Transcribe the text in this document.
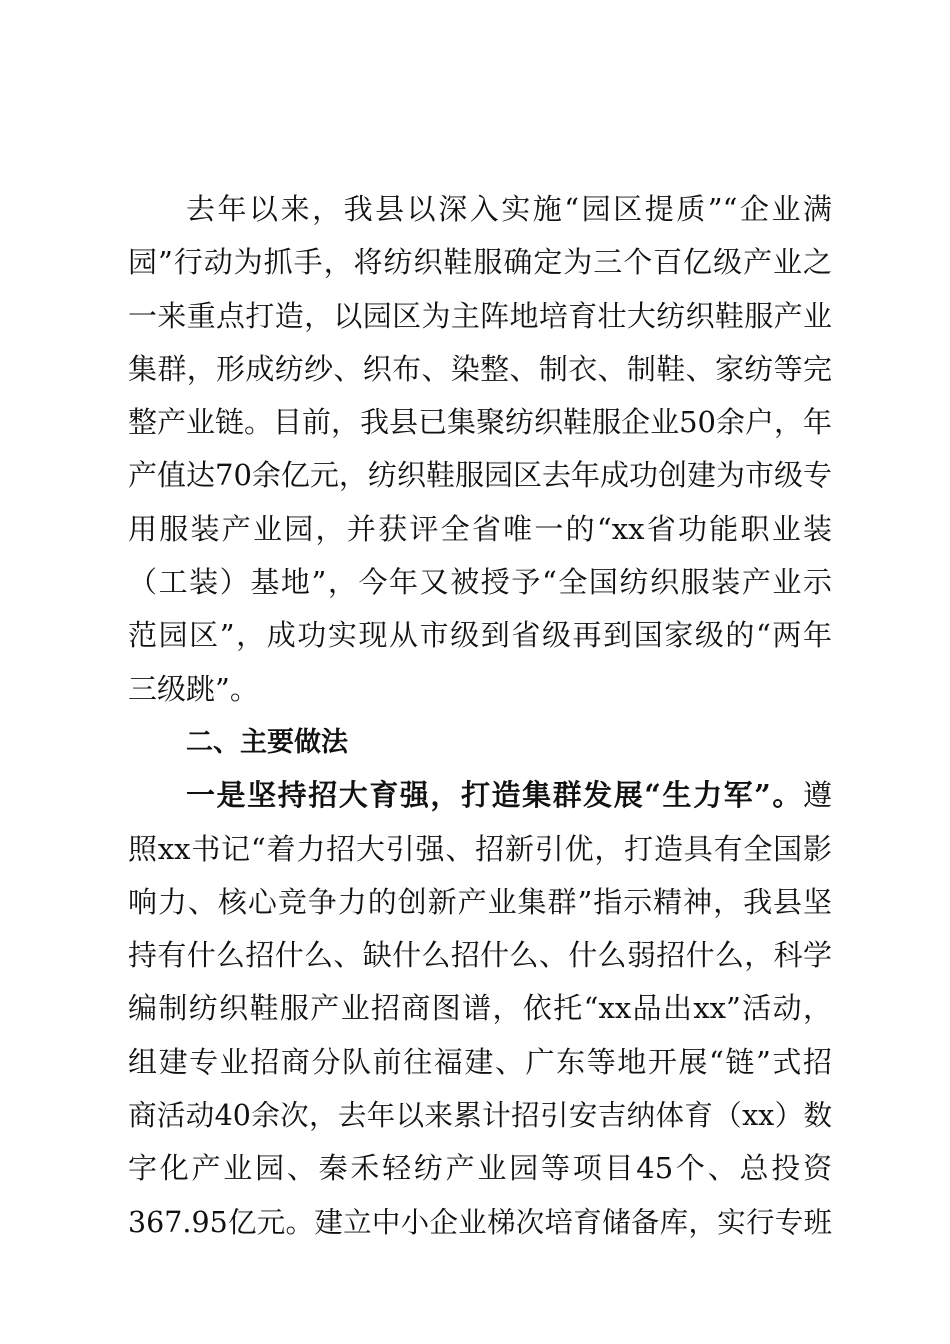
去年以来，我县以深入实施“园区提质”“企业满
园”行动为抓手，将纺织鞋服确定为三个百亿级产业之
一来重点打造，以园区为主阵地培育壮大纺织鞋服产业
集群，形成纺纱、织布、染整、制衣、制鞋、家纺等完
整产业链。目前，我县已集聚纺织鞋服企业50余户，年
产值达70余亿元，纺织鞋服园区去年成功创建为市级专
用服装产业园，并获评全省唯一的“xx省功能职业装
（工装）基地”，今年又被授予“全国纺织服装产业示
范园区”，成功实现从市级到省级再到国家级的“两年
三级跳”。
二、主要做法
一是坚持招大育强，打造集群发展“生力军”。遵
照xx书记“着力招大引强、招新引优，打造具有全国影
响力、核心竞争力的创新产业集群”指示精神，我县坚
持有什么招什么、缺什么招什么、什么弱招什么，科学
编制纺织鞋服产业招商图谱，依托“xx品出xx”活动，
组建专业招商分队前往福建、广东等地开展“链”式招
商活动40余次，去年以来累计招引安吉纳体育（xx）数
字化产业园、秦禾轻纺产业园等项目45个、总投资
367.95亿元。建立中小企业梯次培育储备库，实行专班
